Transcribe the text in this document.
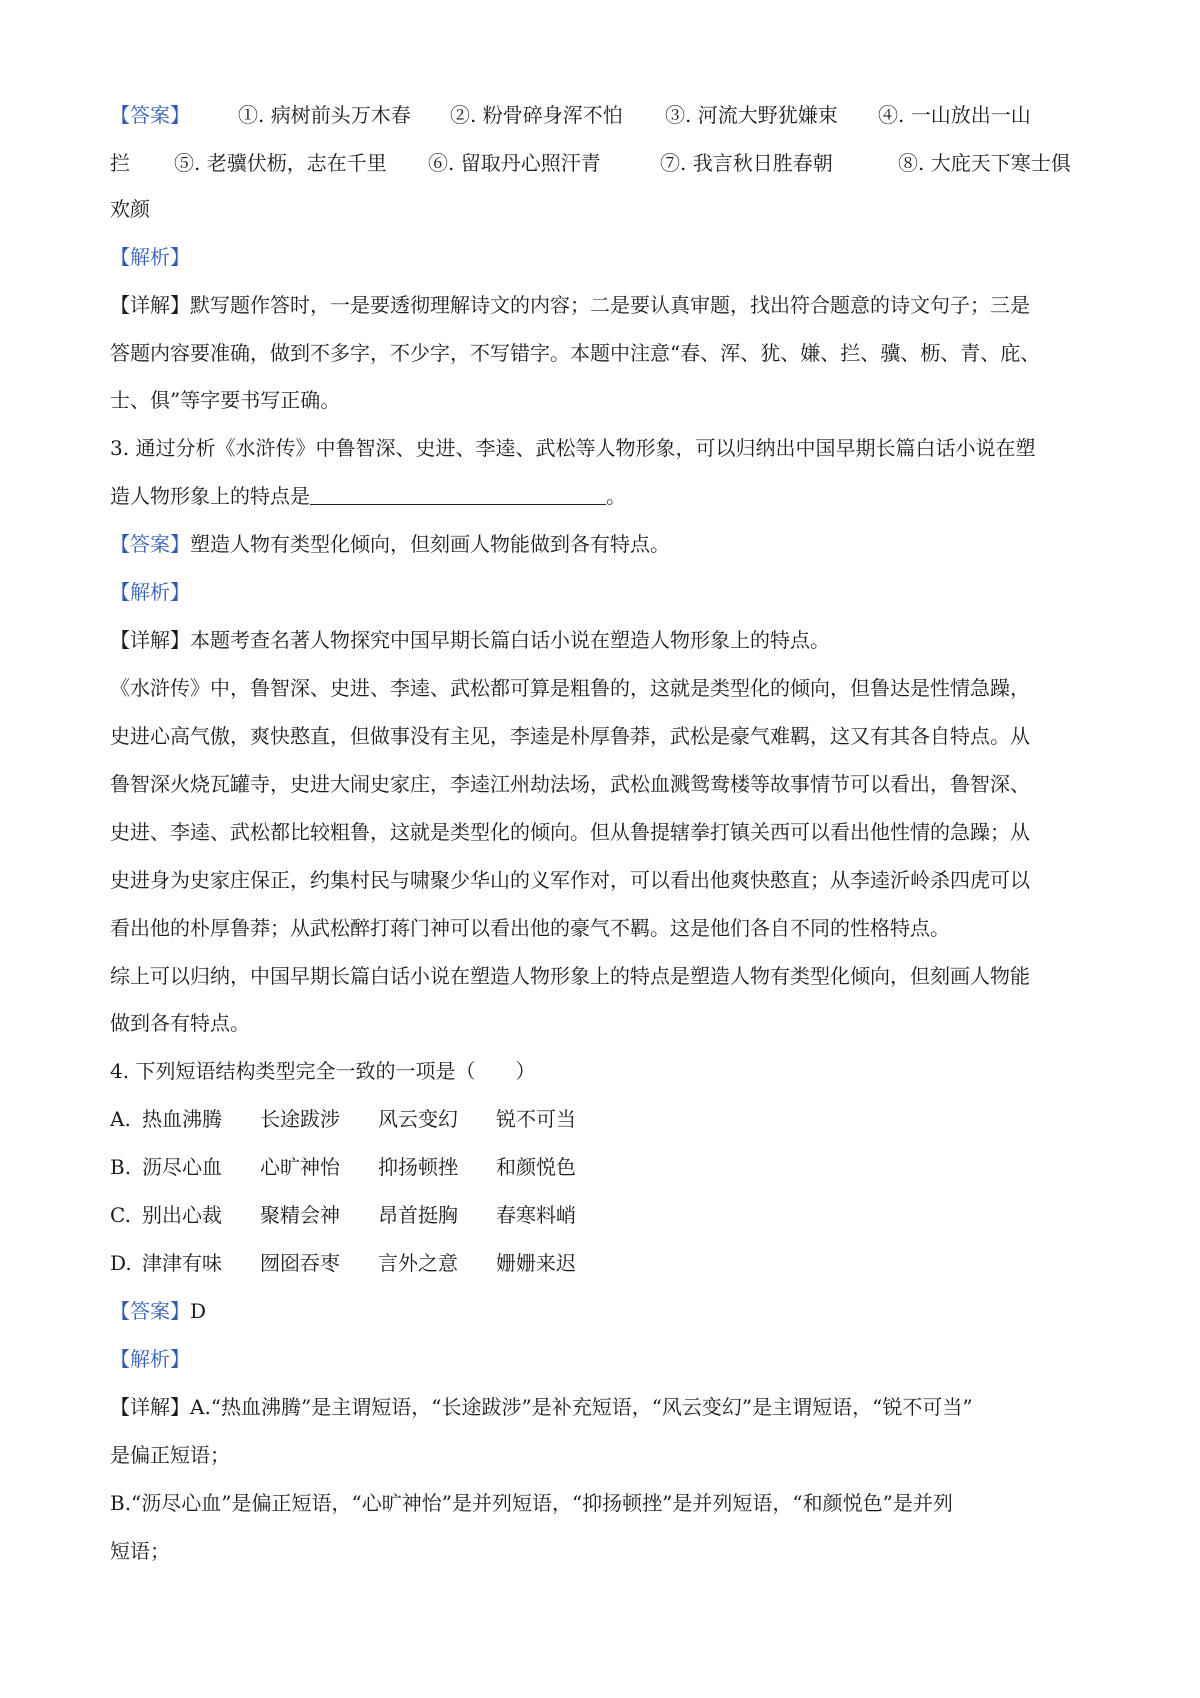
【答案】 ①. 病树前头万木春 ②. 粉骨碎身浑不怕 ③. 河流大野犹嫌束 ④. 一山放出一山
拦 ⑤. 老骥伏枥，志在千里 ⑥. 留取丹心照汗青	⑦. 我言秋日胜春朝	⑧. 大庇天下寒士俱
欢颜
【解析】
【详解】默写题作答时，一是要透彻理解诗文的内容；二是要认真审题，找出符合题意的诗文句子；三是
答题内容要准确，做到不多字，不少字，不写错字。本题中注意“春、浑、犹、嫌、拦、骥、枥、青、庇、
士、俱”等字要书写正确。
3. 通过分析《水浒传》中鲁智深、史进、李逵、武松等人物形象，可以归纳出中国早期长篇白话小说在塑
造人物形象上的特点是	。
【答案】塑造人物有类型化倾向，但刻画人物能做到各有特点。
【解析】
【详解】本题考查名著人物探究中国早期长篇白话小说在塑造人物形象上的特点。
《水浒传》中，鲁智深、史进、李逵、武松都可算是粗鲁的，这就是类型化的倾向，但鲁达是性情急躁，
史进心高气傲，爽快憨直，但做事没有主见，李逵是朴厚鲁莽，武松是豪气难羁，这又有其各自特点。从
鲁智深火烧瓦罐寺，史进大闹史家庄，李逵江州劫法场，武松血溅鸳鸯楼等故事情节可以看出，鲁智深、
史进、李逵、武松都比较粗鲁，这就是类型化的倾向。但从鲁提辖拳打镇关西可以看出他性情的急躁；从
史进身为史家庄保正，约集村民与啸聚少华山的义军作对，可以看出他爽快憨直；从李逵沂岭杀四虎可以
看出他的朴厚鲁莽；从武松醉打蒋门神可以看出他的豪气不羁。这是他们各自不同的性格特点。
综上可以归纳，中国早期长篇白话小说在塑造人物形象上的特点是塑造人物有类型化倾向，但刻画人物能
做到各有特点。
4. 下列短语结构类型完全一致的一项是（　　）
A. 热血沸腾 长途跋涉 风云变幻 锐不可当
B. 沥尽心血 心旷神怡 抑扬顿挫 和颜悦色
C. 别出心裁 聚精会神 昂首挺胸 春寒料峭
D. 津津有味 囫囵吞枣 言外之意 姗姗来迟
【答案】D
【解析】
【详解】A.“热血沸腾”是主谓短语，“长途跋涉”是补充短语，“风云变幻”是主谓短语，“锐不可当”
是偏正短语；
B.“沥尽心血”是偏正短语，“心旷神怡”是并列短语，“抑扬顿挫”是并列短语，“和颜悦色”是并列
短语；
